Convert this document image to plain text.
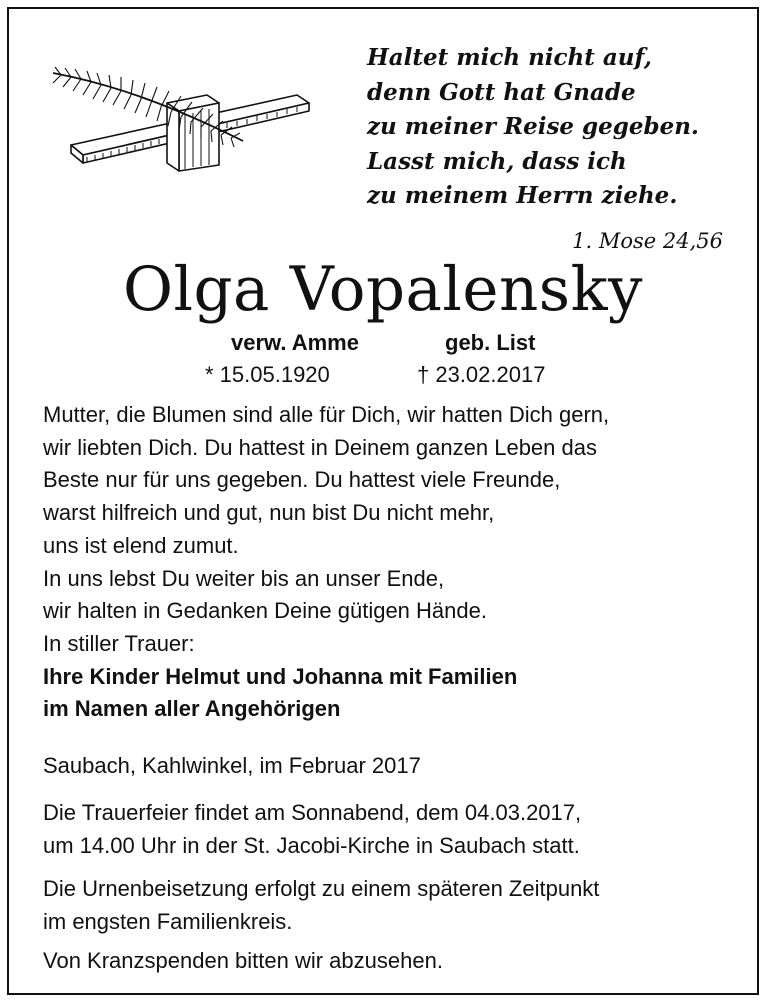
Haltet mich nicht auf,
denn Gott hat Gnade
zu meiner Reise gegeben.
Lasst mich, dass ich
zu meinem Herrn ziehe.
1. Mose 24,56
Olga Vopalensky
verw. Amme	geb. List
* 15.05.1920	† 23.02.2017
Mutter, die Blumen sind alle für Dich, wir hatten Dich gern,
wir liebten Dich. Du hattest in Deinem ganzen Leben das
Beste nur für uns gegeben. Du hattest viele Freunde,
warst hilfreich und gut, nun bist Du nicht mehr,
uns ist elend zumut.
In uns lebst Du weiter bis an unser Ende,
wir halten in Gedanken Deine gütigen Hände.
In stiller Trauer:
Ihre Kinder Helmut und Johanna mit Familien
im Namen aller Angehörigen
Saubach, Kahlwinkel, im Februar 2017
Die Trauerfeier findet am Sonnabend, dem 04.03.2017,
um 14.00 Uhr in der St. Jacobi-Kirche in Saubach statt.
Die Urnenbeisetzung erfolgt zu einem späteren Zeitpunkt
im engsten Familienkreis.
Von Kranzspenden bitten wir abzusehen.
